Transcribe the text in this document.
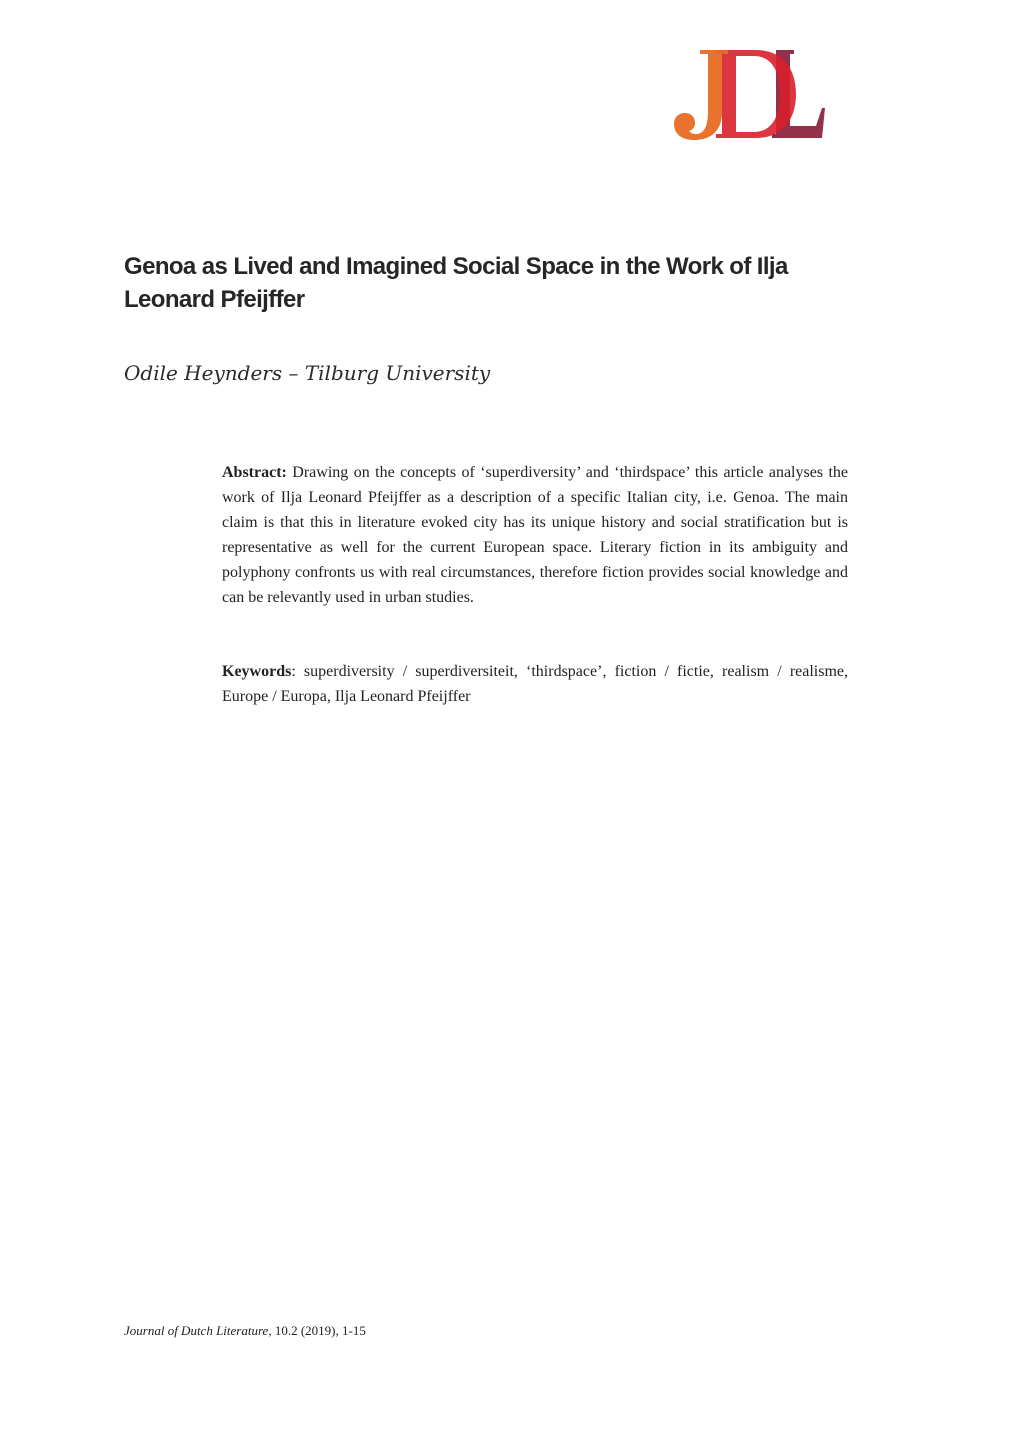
Genoa as Lived and Imagined Social Space in the Work of Ilja Leonard Pfeijffer

Odile Heynders – Tilburg University

Abstract: Drawing on the concepts of ‘superdiversity’ and ‘thirdspace’ this article analyses the work of Ilja Leonard Pfeijffer as a description of a specific Italian city, i.e. Genoa. The main claim is that this in literature evoked city has its unique history and social stratification but is representative as well for the current European space. Literary fiction in its ambiguity and polyphony confronts us with real circumstances, therefore fiction provides social knowledge and can be relevantly used in urban studies.

Keywords: superdiversity / superdiversiteit, ‘thirdspace’, fiction / fictie, realism / realisme, Europe / Europa, Ilja Leonard Pfeijffer

Journal of Dutch Literature, 10.2 (2019), 1-15
